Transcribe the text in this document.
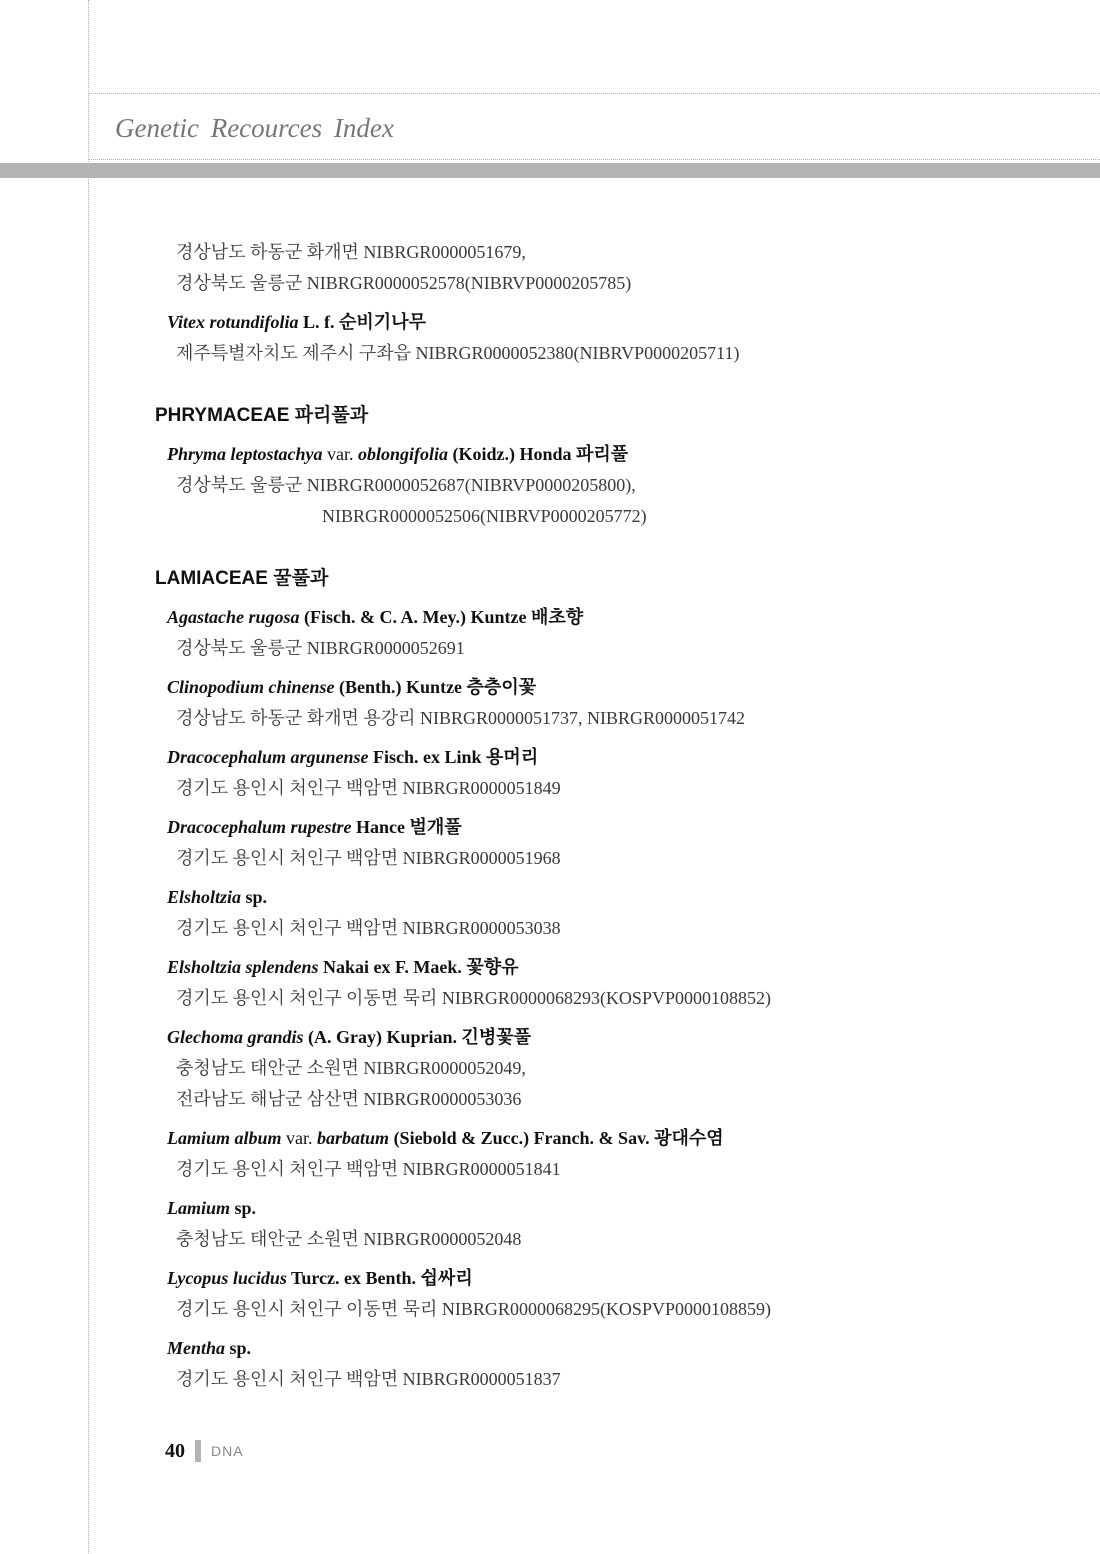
Genetic Recources Index
경상남도 하동군 화개면 NIBRGR0000051679,
경상북도 울릉군 NIBRGR0000052578(NIBRVP0000205785)
Vitex rotundifolia L. f. 순비기나무
제주특별자치도 제주시 구좌읍 NIBRGR0000052380(NIBRVP0000205711)
PHRYMACEAE 파리풀과
Phryma leptostachya var. oblongifolia (Koidz.) Honda 파리풀
경상북도 울릉군 NIBRGR0000052687(NIBRVP0000205800),
NIBRGR0000052506(NIBRVP0000205772)
LAMIACEAE 꿀풀과
Agastache rugosa (Fisch. & C. A. Mey.) Kuntze 배초향
경상북도 울릉군 NIBRGR0000052691
Clinopodium chinense (Benth.) Kuntze 층층이꽃
경상남도 하동군 화개면 용강리 NIBRGR0000051737, NIBRGR0000051742
Dracocephalum argunense Fisch. ex Link 용머리
경기도 용인시 처인구 백암면 NIBRGR0000051849
Dracocephalum rupestre Hance 벌개풀
경기도 용인시 처인구 백암면 NIBRGR0000051968
Elsholtzia sp.
경기도 용인시 처인구 백암면 NIBRGR0000053038
Elsholtzia splendens Nakai ex F. Maek. 꽃향유
경기도 용인시 처인구 이동면 묵리 NIBRGR0000068293(KOSPVP0000108852)
Glechoma grandis (A. Gray) Kuprian. 긴병꽃풀
충청남도 태안군 소원면 NIBRGR0000052049,
전라남도 해남군 삼산면 NIBRGR0000053036
Lamium album var. barbatum (Siebold & Zucc.) Franch. & Sav. 광대수염
경기도 용인시 처인구 백암면 NIBRGR0000051841
Lamium sp.
충청남도 태안군 소원면 NIBRGR0000052048
Lycopus lucidus Turcz. ex Benth. 쉽싸리
경기도 용인시 처인구 이동면 묵리 NIBRGR0000068295(KOSPVP0000108859)
Mentha sp.
경기도 용인시 처인구 백암면 NIBRGR0000051837
40 DNA
